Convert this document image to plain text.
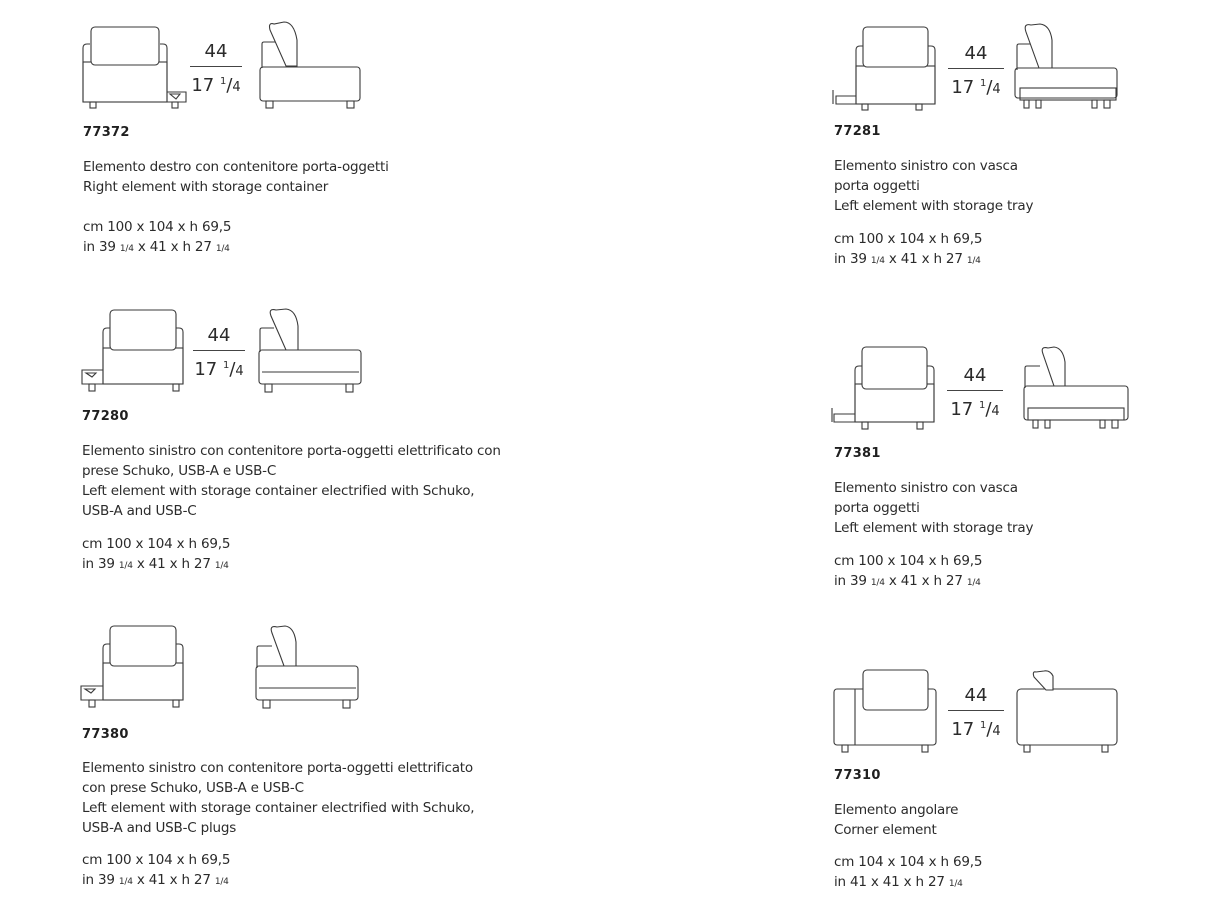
44
17 $^1$/4
77372
Elemento destro con contenitore porta-oggetti
Right element with storage container
cm 100 x 104 x h 69,5
in 39 1/4 x 41 x h 27 1/4
44
17 $^1$/4
77281
Elemento sinistro con vasca
porta oggetti
Left element with storage tray
cm 100 x 104 x h 69,5
in 39 1/4 x 41 x h 27 1/4
44
17 $^1$/4
77280
Elemento sinistro con contenitore porta-oggetti elettrificato con
prese Schuko, USB-A e USB-C
Left element with storage container electrified with Schuko,
USB-A and USB-C
cm 100 x 104 x h 69,5
in 39 1/4 x 41 x h 27 1/4
44
17 $^1$/4
77381
Elemento sinistro con vasca
porta oggetti
Left element with storage tray
cm 100 x 104 x h 69,5
in 39 1/4 x 41 x h 27 1/4
77380
Elemento sinistro con contenitore porta-oggetti elettrificato
con prese Schuko, USB-A e USB-C
Left element with storage container electrified with Schuko,
USB-A and USB-C plugs
cm 100 x 104 x h 69,5
in 39 1/4 x 41 x h 27 1/4
44
17 $^1$/4
77310
Elemento angolare
Corner element
cm 104 x 104 x h 69,5
in 41 x 41 x h 27 1/4
